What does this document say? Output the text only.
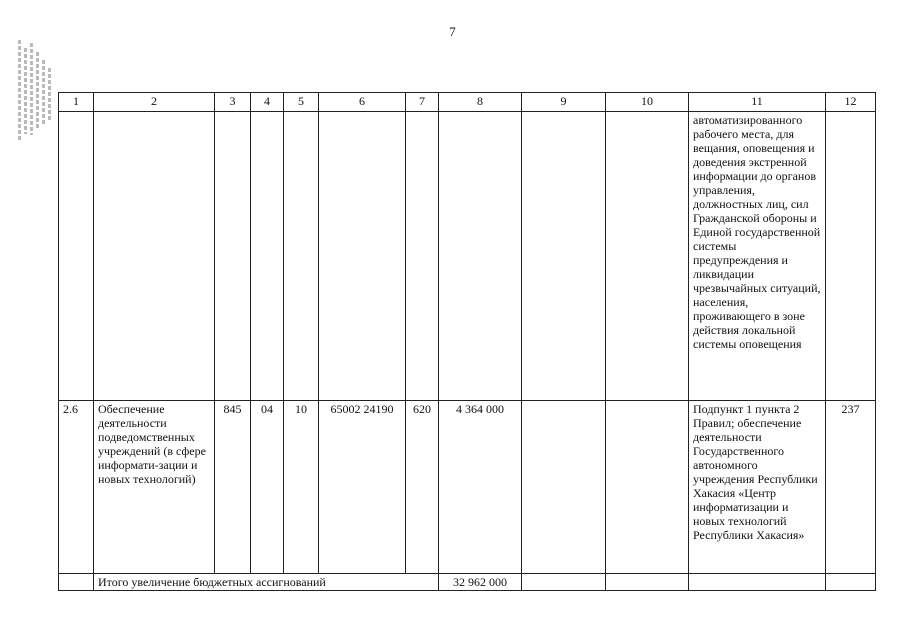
7
1	2	3	4	5	6	7	8	9	10	11	12
										автоматизированного рабочего места, для вещания, оповещения и доведения экстренной информации до органов управления, должностных лиц, сил Гражданской обороны и Единой государственной системы предупреждения и ликвидации чрезвычайных ситуаций, населения, проживающего в зоне действия локальной системы оповещения	
2.6	Обеспечение деятельности подведомственных учреждений (в сфере информати-зации и новых технологий)	845	04	10	65002 24190	620	4 364 000			Подпункт 1 пункта 2 Правил; обеспечение деятельности Государственного автономного учреждения Республики Хакасия «Центр информатизации и новых технологий Республики Хакасия»	237
	Итого увеличение бюджетных ассигнований						32 962 000				
